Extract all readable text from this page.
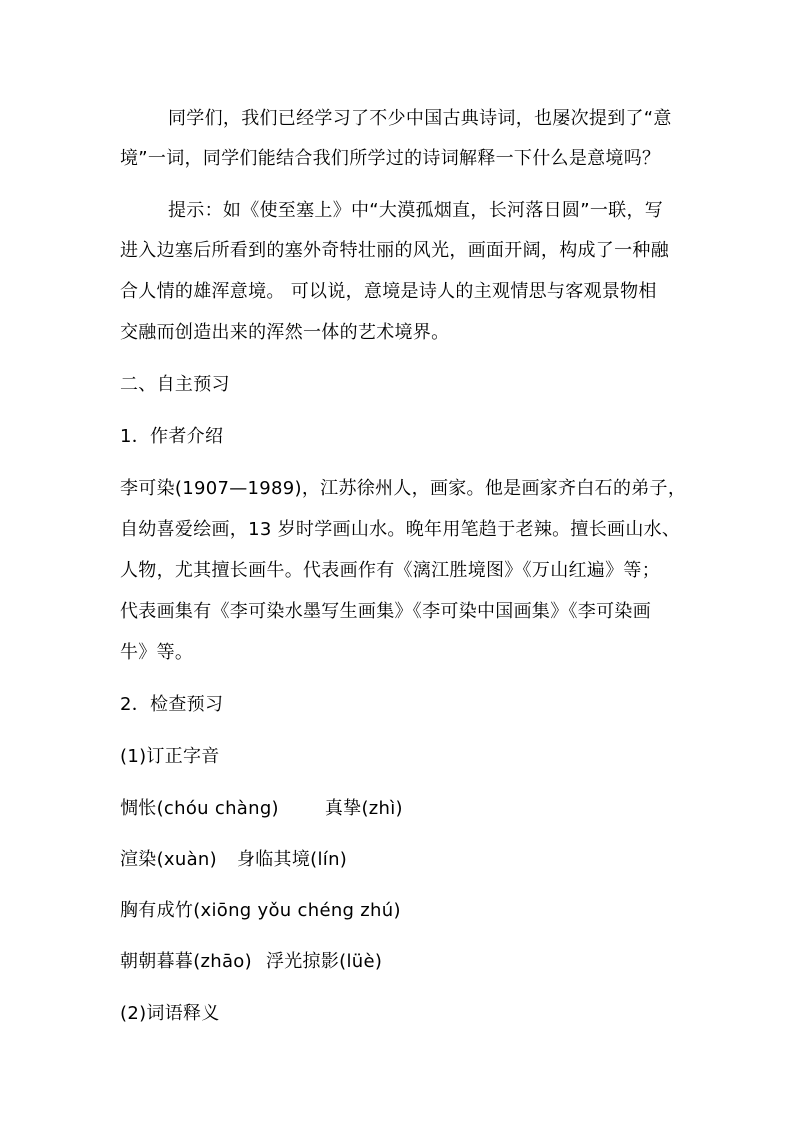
同学们，我们已经学习了不少中国古典诗词，也屡次提到了“意
境”一词，同学们能结合我们所学过的诗词解释一下什么是意境吗？
提示：如《使至塞上》中“大漠孤烟直，长河落日圆”一联，写
进入边塞后所看到的塞外奇特壮丽的风光，画面开阔，构成了一种融
合人情的雄浑意境。 可以说，意境是诗人的主观情思与客观景物相
交融而创造出来的浑然一体的艺术境界。
二、自主预习
1．作者介绍
李可染(1907—1989)，江苏徐州人，画家。他是画家齐白石的弟子，
自幼喜爱绘画，13 岁时学画山水。晚年用笔趋于老辣。擅长画山水、
人物，尤其擅长画牛。代表画作有《漓江胜境图》《万山红遍》等；
代表画集有《李可染水墨写生画集》《李可染中国画集》《李可染画
牛》等。
2．检查预习
(1)订正字音
惆怅(chóu chàng)	真挚(zhì)
渲染(xuàn) 身临其境(lín)
胸有成竹(xiōng yǒu chéng zhú)
朝朝暮暮(zhāo) 浮光掠影(lüè)
(2)词语释义
